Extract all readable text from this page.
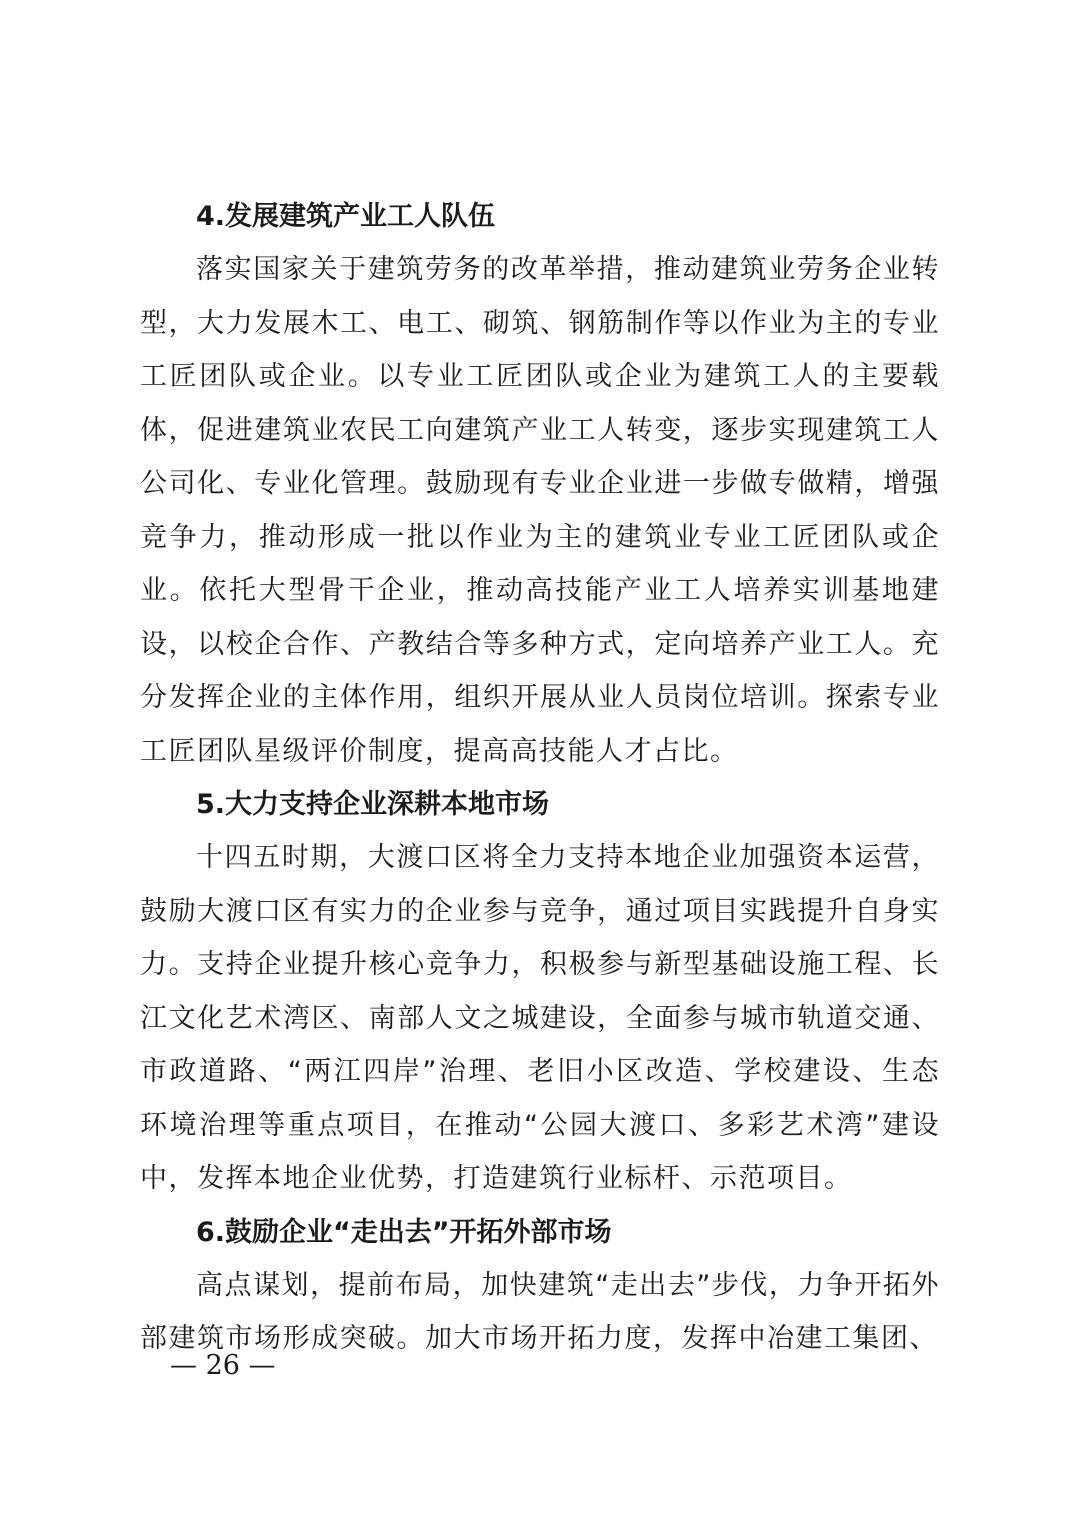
4.发展建筑产业工人队伍

落实国家关于建筑劳务的改革举措，推动建筑业劳务企业转型，大力发展木工、电工、砌筑、钢筋制作等以作业为主的专业工匠团队或企业。以专业工匠团队或企业为建筑工人的主要载体，促进建筑业农民工向建筑产业工人转变，逐步实现建筑工人公司化、专业化管理。鼓励现有专业企业进一步做专做精，增强竞争力，推动形成一批以作业为主的建筑业专业工匠团队或企业。依托大型骨干企业，推动高技能产业工人培养实训基地建设，以校企合作、产教结合等多种方式，定向培养产业工人。充分发挥企业的主体作用，组织开展从业人员岗位培训。探索专业工匠团队星级评价制度，提高高技能人才占比。

5.大力支持企业深耕本地市场

十四五时期，大渡口区将全力支持本地企业加强资本运营，鼓励大渡口区有实力的企业参与竞争，通过项目实践提升自身实力。支持企业提升核心竞争力，积极参与新型基础设施工程、长江文化艺术湾区、南部人文之城建设，全面参与城市轨道交通、市政道路、“两江四岸”治理、老旧小区改造、学校建设、生态环境治理等重点项目，在推动“公园大渡口、多彩艺术湾”建设中，发挥本地企业优势，打造建筑行业标杆、示范项目。

6.鼓励企业“走出去”开拓外部市场

高点谋划，提前布局，加快建筑“走出去”步伐，力争开拓外部建筑市场形成突破。加大市场开拓力度，发挥中冶建工集团、

— 26 —
